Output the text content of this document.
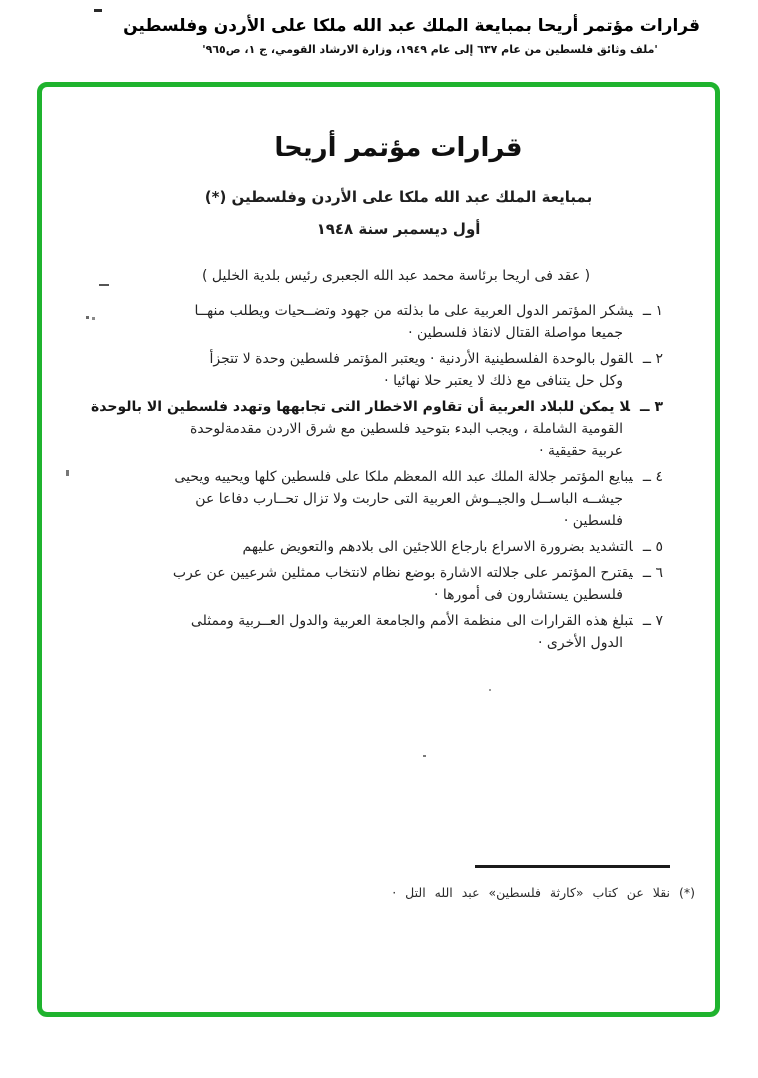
قرارات مؤتمر أريحا بمبايعة الملك عبد الله ملكا على الأردن وفلسطين
'ملف وثائق فلسطين من عام ٦٣٧ إلى عام ١٩٤٩، وزارة الارشاد القومي، ج ١، ص٩٦٥'
قرارات مؤتمر أريحا
بمبايعة الملك عبد الله ملكا على الأردن وفلسطين (*)
أول ديسمبر سنة ١٩٤٨
( عقد فى اريحا برئاسة محمد عبد الله الجعبرى رئيس بلدية الخليل )
١ ــيشكر المؤتمر الدول العربية على ما بذلته من جهود وتضــحيات ويطلب منهــا
جميعا مواصلة القتال لانقاذ فلسطين ·
٢ ــالقول بالوحدة الفلسطينية الأردنية · ويعتبر المؤتمر فلسطين وحدة لا تتجزأ
وكل حل يتنافى مع ذلك لا يعتبر حلا نهائيا ·
٣ ــلا يمكن للبلاد العربية أن تقاوم الاخطار التى تجابهها وتهدد فلسطين الا بالوحدة
القومية الشاملة ، ويجب البدء بتوحيد فلسطين مع شرق الاردن مقدمةلوحدة
عربية حقيقية ·
٤ ــيبايع المؤتمر جلالة الملك عبد الله المعظم ملكا على فلسطين كلها ويحييه ويحيى
جيشــه الباســل والجيــوش العربية التى حاربت ولا تزال تحــارب دفاعا عن
فلسطين ·
٥ ــالتشديد بضرورة الاسراع بارجاع اللاجئين الى بلادهم والتعويض عليهم
٦ ــيقترح المؤتمر على جلالته الاشارة بوضع نظام لانتخاب ممثلين شرعيين عن عرب
فلسطين يستشارون فى أمورها ·
٧ ــتبلغ هذه القرارات الى منظمة الأمم والجامعة العربية والدول العــربية وممثلى
الدول الأخرى ·
(*) نقلا عن كتاب «كارثة فلسطين» عبد الله التل ·
